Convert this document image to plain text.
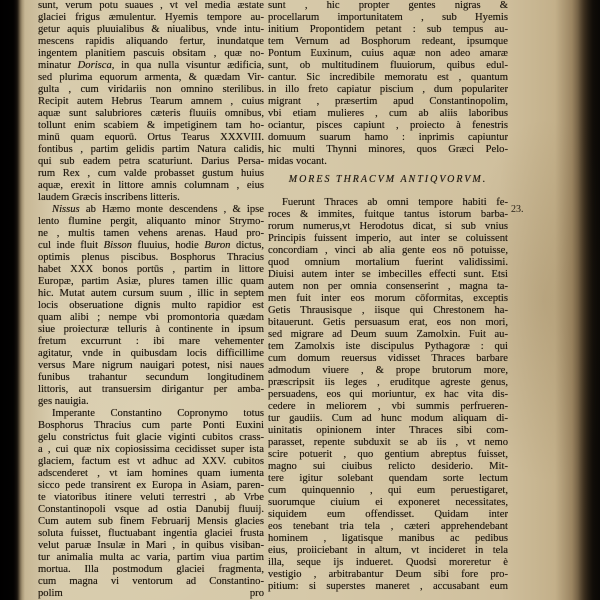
sunt, verum potu suaues , vt vel media æstate
glaciei frigus æmulentur. Hyemis tempore au-
getur aquis pluuialibus & niualibus, vnde intu-
mescens rapidis aliquando fertur, inundatque
ingentem planitiem pascuis obsitam , quæ no-
minatur Dorisca, in qua nulla visuntur ædificia,
sed plurima equorum armenta, & quædam Vir-
gulta , cum viridariis non omnino sterilibus.
Recipit autem Hebrus Tearum amnem , cuius
aquæ sunt salubriores cæteris fluuiis omnibus,
tollunt enim scabiem & impetiginem tam ho-
minū quam equorū. Ortus Tearus XXXVIII.
fontibus , partim gelidis partim Natura calidis,
qui sub eadem petra scaturiunt. Darius Persa-
rum Rex , cum valde probasset gustum huius
aquæ, erexit in littore amnis columnam , eius
laudem Græcis inscribens litteris.
Nissus ab Hæmo monte descendens , & ipse
lento flumine pergit, aliquanto minor Strymo-
ne , multis tamen vehens arenas. Haud pro-
cul inde fluit Bisson fluuius, hodie Buron dictus,
optimis plenus piscibus. Bosphorus Thracius
habet XXX bonos portūs , partim in littore
Europæ, partim Asiæ, plures tamen illic quam
hic. Mutat autem cursum suum , illic in septem
locis obseruatione dignis multo rapidior est
quam alibi ; nempe vbi promontoria quædam
siue proiecturæ telluris à continente in ipsum
fretum excurrunt : ibi mare vehementer
agitatur, vnde in quibusdam locis difficillime
versus Mare nigrum nauigari potest, nisi naues
funibus trahantur secundum longitudinem
littoris, aut transuersim dirigantur per amba-
ges nauigia.
Imperante Constantino Copronymo totus
Bosphorus Thracius cum parte Ponti Euxini
gelu constrictus fuit glacie viginti cubitos crass-
a , cui quæ nix copiosissima cecidisset super ista
glaciem, factum est vt adhuc ad XXV. cubitos
adscenderet , vt iam homines quam iumenta
sicco pede transirent ex Europa in Asiam, paren-
te viatoribus itinere veluti terrestri , ab Vrbe
Constantinopoli vsque ad ostia Danubij fluuij.
Cum autem sub finem Februarij Mensis glacies
soluta fuisset, fluctuabant ingentia glaciei frusta
velut paruæ Insulæ in Mari , in quibus visiban-
tur animalia multa ac varia, partim viua partim
mortua. Illa postmodum glaciei fragmenta,
cum magna vi ventorum ad Constantino-
polim pro
sunt , hic propter gentes nigras &
procellarum importunitatem , sub Hyemis
initium Propontidem petant : sub tempus au-
tem Vernum ad Bosphorum redeant, ipsumque
Pontum Euxinum, cuius aquæ non adeo amaræ
sunt, ob multitudinem fluuiorum, quibus edul-
cantur. Sic incredibile memoratu est , quantum
in illo freto capiatur piscium , dum populariter
migrant , præsertim apud Constantinopolim,
vbi etiam mulieres , cum ab aliis laboribus
ociantur, pisces capiunt , proiecto à fenestris
domuum suarum hamo : inprimis capiuntur
hic multi Thynni minores, quos Græci Pelo-
midas vocant.
MORES THRACVM ANTIQVORVM.
23.
Fuerunt Thraces ab omni tempore habiti fe-
roces & immites, fuitque tantus istorum barba-
rorum numerus,vt Herodotus dicat, si sub vnius
Principis fuissent imperio, aut inter se coluissent
concordiam , vinci ab alia gente eos nō potuisse,
quod omnium mortalium fuerint validissimi.
Diuisi autem inter se imbecilles effecti sunt. Etsi
autem non per omnia consenserint , magna ta-
men fuit inter eos morum cōformitas, exceptis
Getis Thrausisque , iisque qui Chrestonem ha-
bitauerunt. Getis persuasum erat, eos non mori,
sed migrare ad Deum suum Zamolxin. Fuit au-
tem Zamolxis iste discipulus Pythagoræ : qui
cum domum reuersus vidisset Thraces barbare
admodum viuere , & prope brutorum more,
præscripsit iis leges , eruditque agreste genus,
persuadens, eos qui moriuntur, ex hac vita dis-
cedere in meliorem , vbi summis perfrueren-
tur gaudiis. Cum ad hunc modum aliquam di-
uinitatis opinionem inter Thraces sibi com-
parasset, repente subduxit se ab iis , vt nemo
scire potuerit , quo gentium abreptus fuisset,
magno sui ciuibus relicto desiderio. Mit-
tere igitur solebant quendam sorte lectum
cum quinquennio , qui eum peruestigaret,
suorumque ciuium ei exponeret necessitates,
siquidem eum offendisset. Quidam inter
eos tenebant tria tela , cæteri apprehendebant
hominem , ligatisque manibus ac pedibus
eius, proiiciebant in altum, vt incideret in tela
illa, seque ijs indueret. Quodsi moreretur è
vestigio , arbitrabantur Deum sibi fore pro-
pitium: si superstes maneret , accusabant eum
